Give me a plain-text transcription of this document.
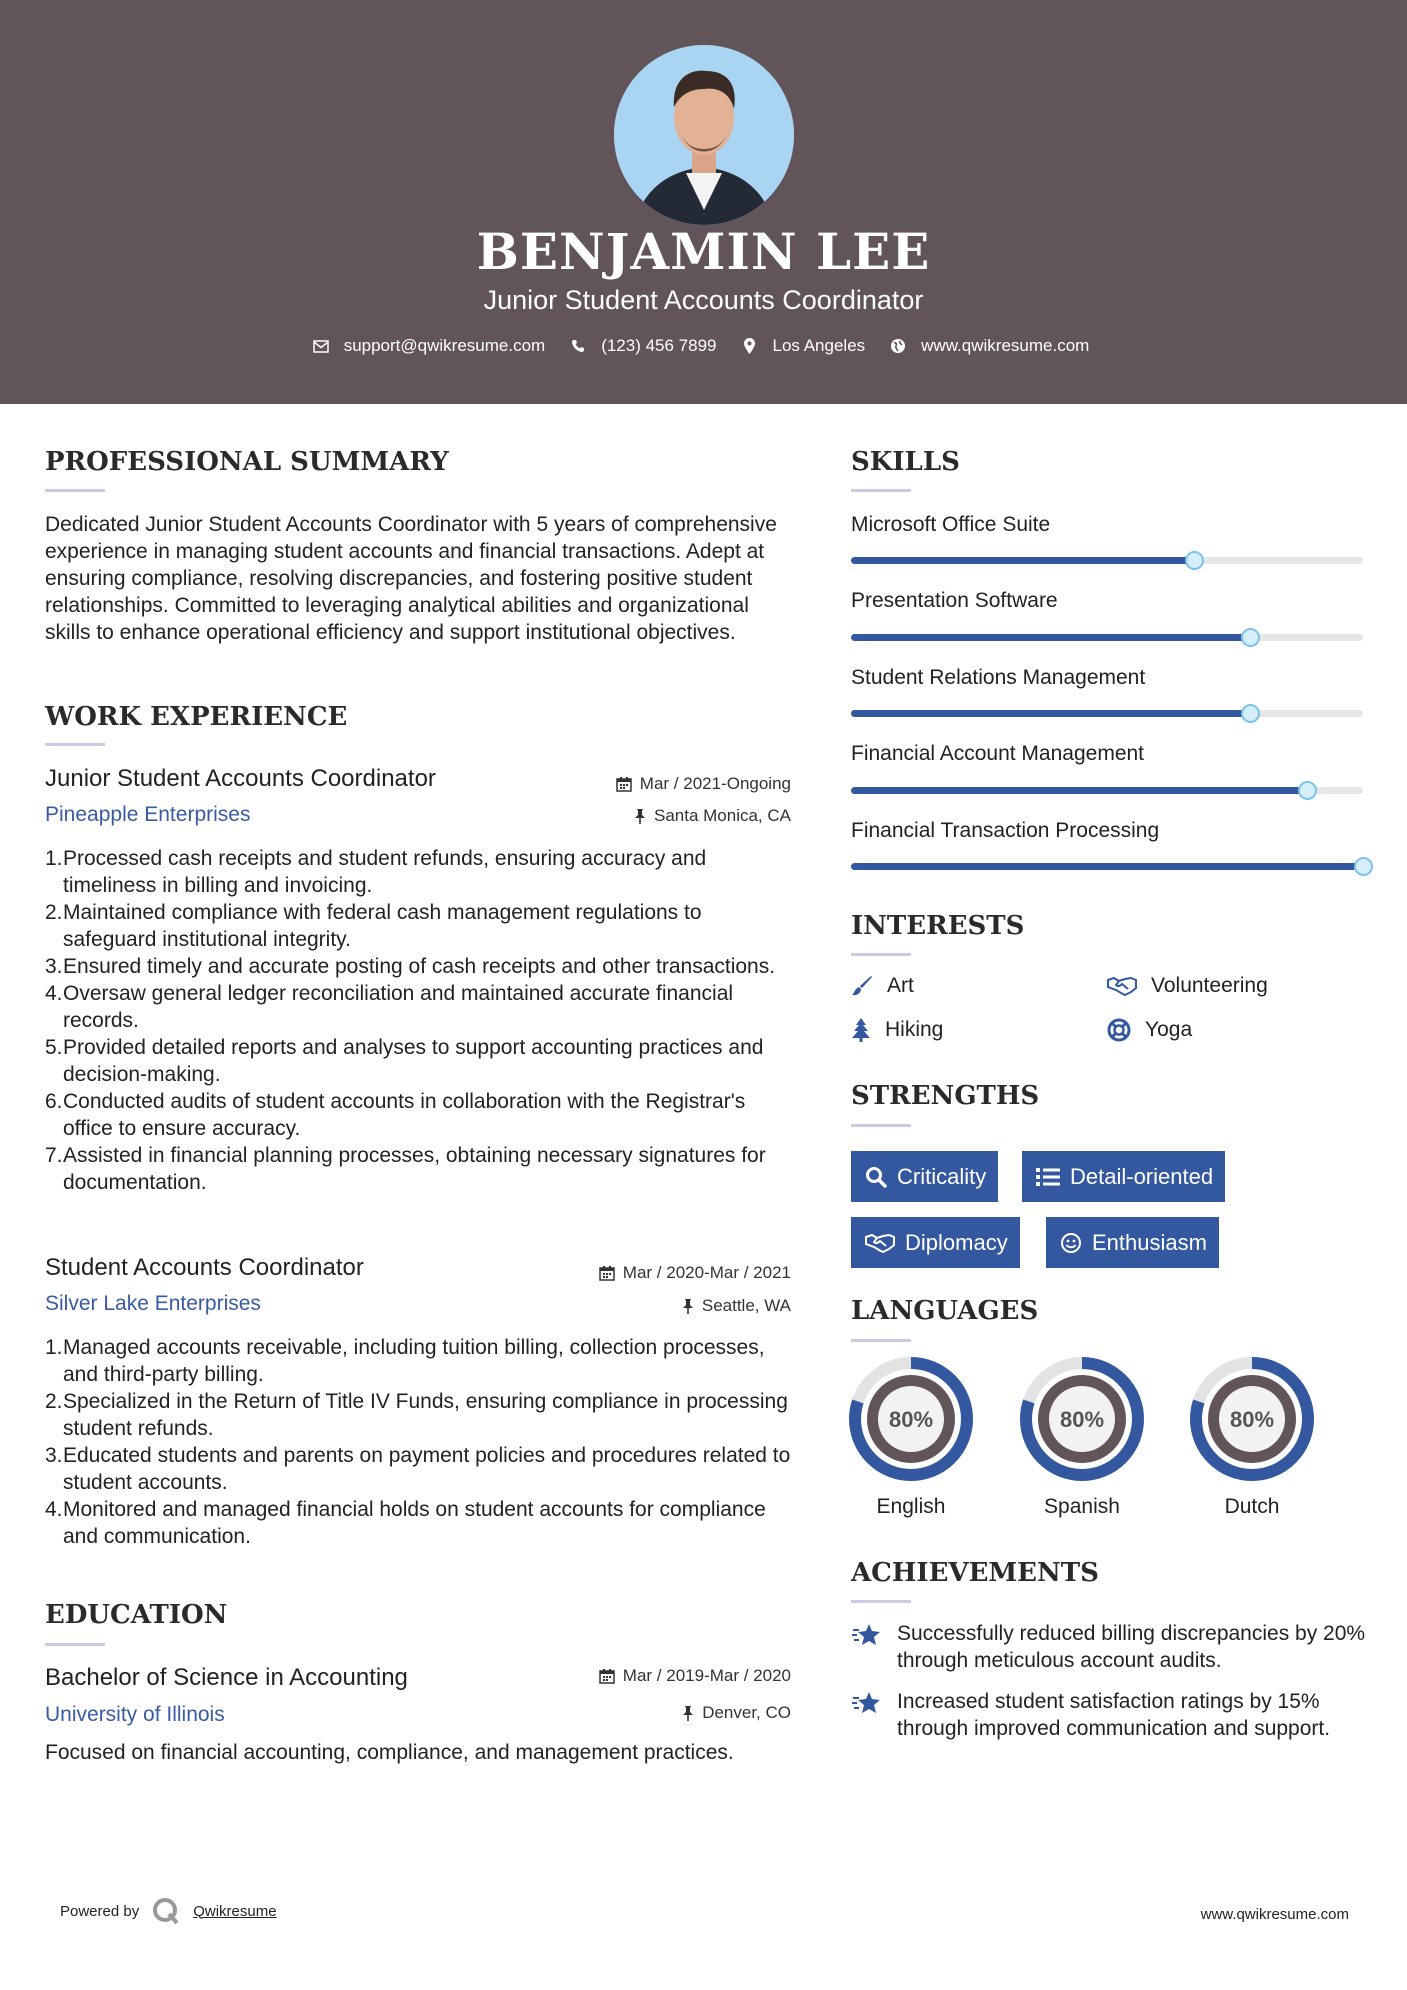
BENJAMIN LEE
Junior Student Accounts Coordinator
support@qwikresume.com	(123) 456 7899	Los Angeles	www.qwikresume.com
PROFESSIONAL SUMMARY
Dedicated Junior Student Accounts Coordinator with 5 years of comprehensive experience in managing student accounts and financial transactions. Adept at ensuring compliance, resolving discrepancies, and fostering positive student relationships. Committed to leveraging analytical abilities and organizational skills to enhance operational efficiency and support institutional objectives.
WORK EXPERIENCE
Junior Student Accounts Coordinator
Pineapple Enterprises
Mar / 2021-Ongoing
Santa Monica, CA
1. Processed cash receipts and student refunds, ensuring accuracy and timeliness in billing and invoicing.
2. Maintained compliance with federal cash management regulations to safeguard institutional integrity.
3. Ensured timely and accurate posting of cash receipts and other transactions.
4. Oversaw general ledger reconciliation and maintained accurate financial records.
5. Provided detailed reports and analyses to support accounting practices and decision-making.
6. Conducted audits of student accounts in collaboration with the Registrar's office to ensure accuracy.
7. Assisted in financial planning processes, obtaining necessary signatures for documentation.
Student Accounts Coordinator
Silver Lake Enterprises
Mar / 2020-Mar / 2021
Seattle, WA
1. Managed accounts receivable, including tuition billing, collection processes, and third-party billing.
2. Specialized in the Return of Title IV Funds, ensuring compliance in processing student refunds.
3. Educated students and parents on payment policies and procedures related to student accounts.
4. Monitored and managed financial holds on student accounts for compliance and communication.
EDUCATION
Bachelor of Science in Accounting
University of Illinois
Mar / 2019-Mar / 2020
Denver, CO
Focused on financial accounting, compliance, and management practices.
SKILLS
Microsoft Office Suite
Presentation Software
Student Relations Management
Financial Account Management
Financial Transaction Processing
INTERESTS
Art	Volunteering
Hiking	Yoga
STRENGTHS
Criticality	Detail-oriented
Diplomacy	Enthusiasm
LANGUAGES
80%
English
80%
Spanish
80%
Dutch
ACHIEVEMENTS
Successfully reduced billing discrepancies by 20% through meticulous account audits.
Increased student satisfaction ratings by 15% through improved communication and support.
Powered by	Qwikresume	www.qwikresume.com
